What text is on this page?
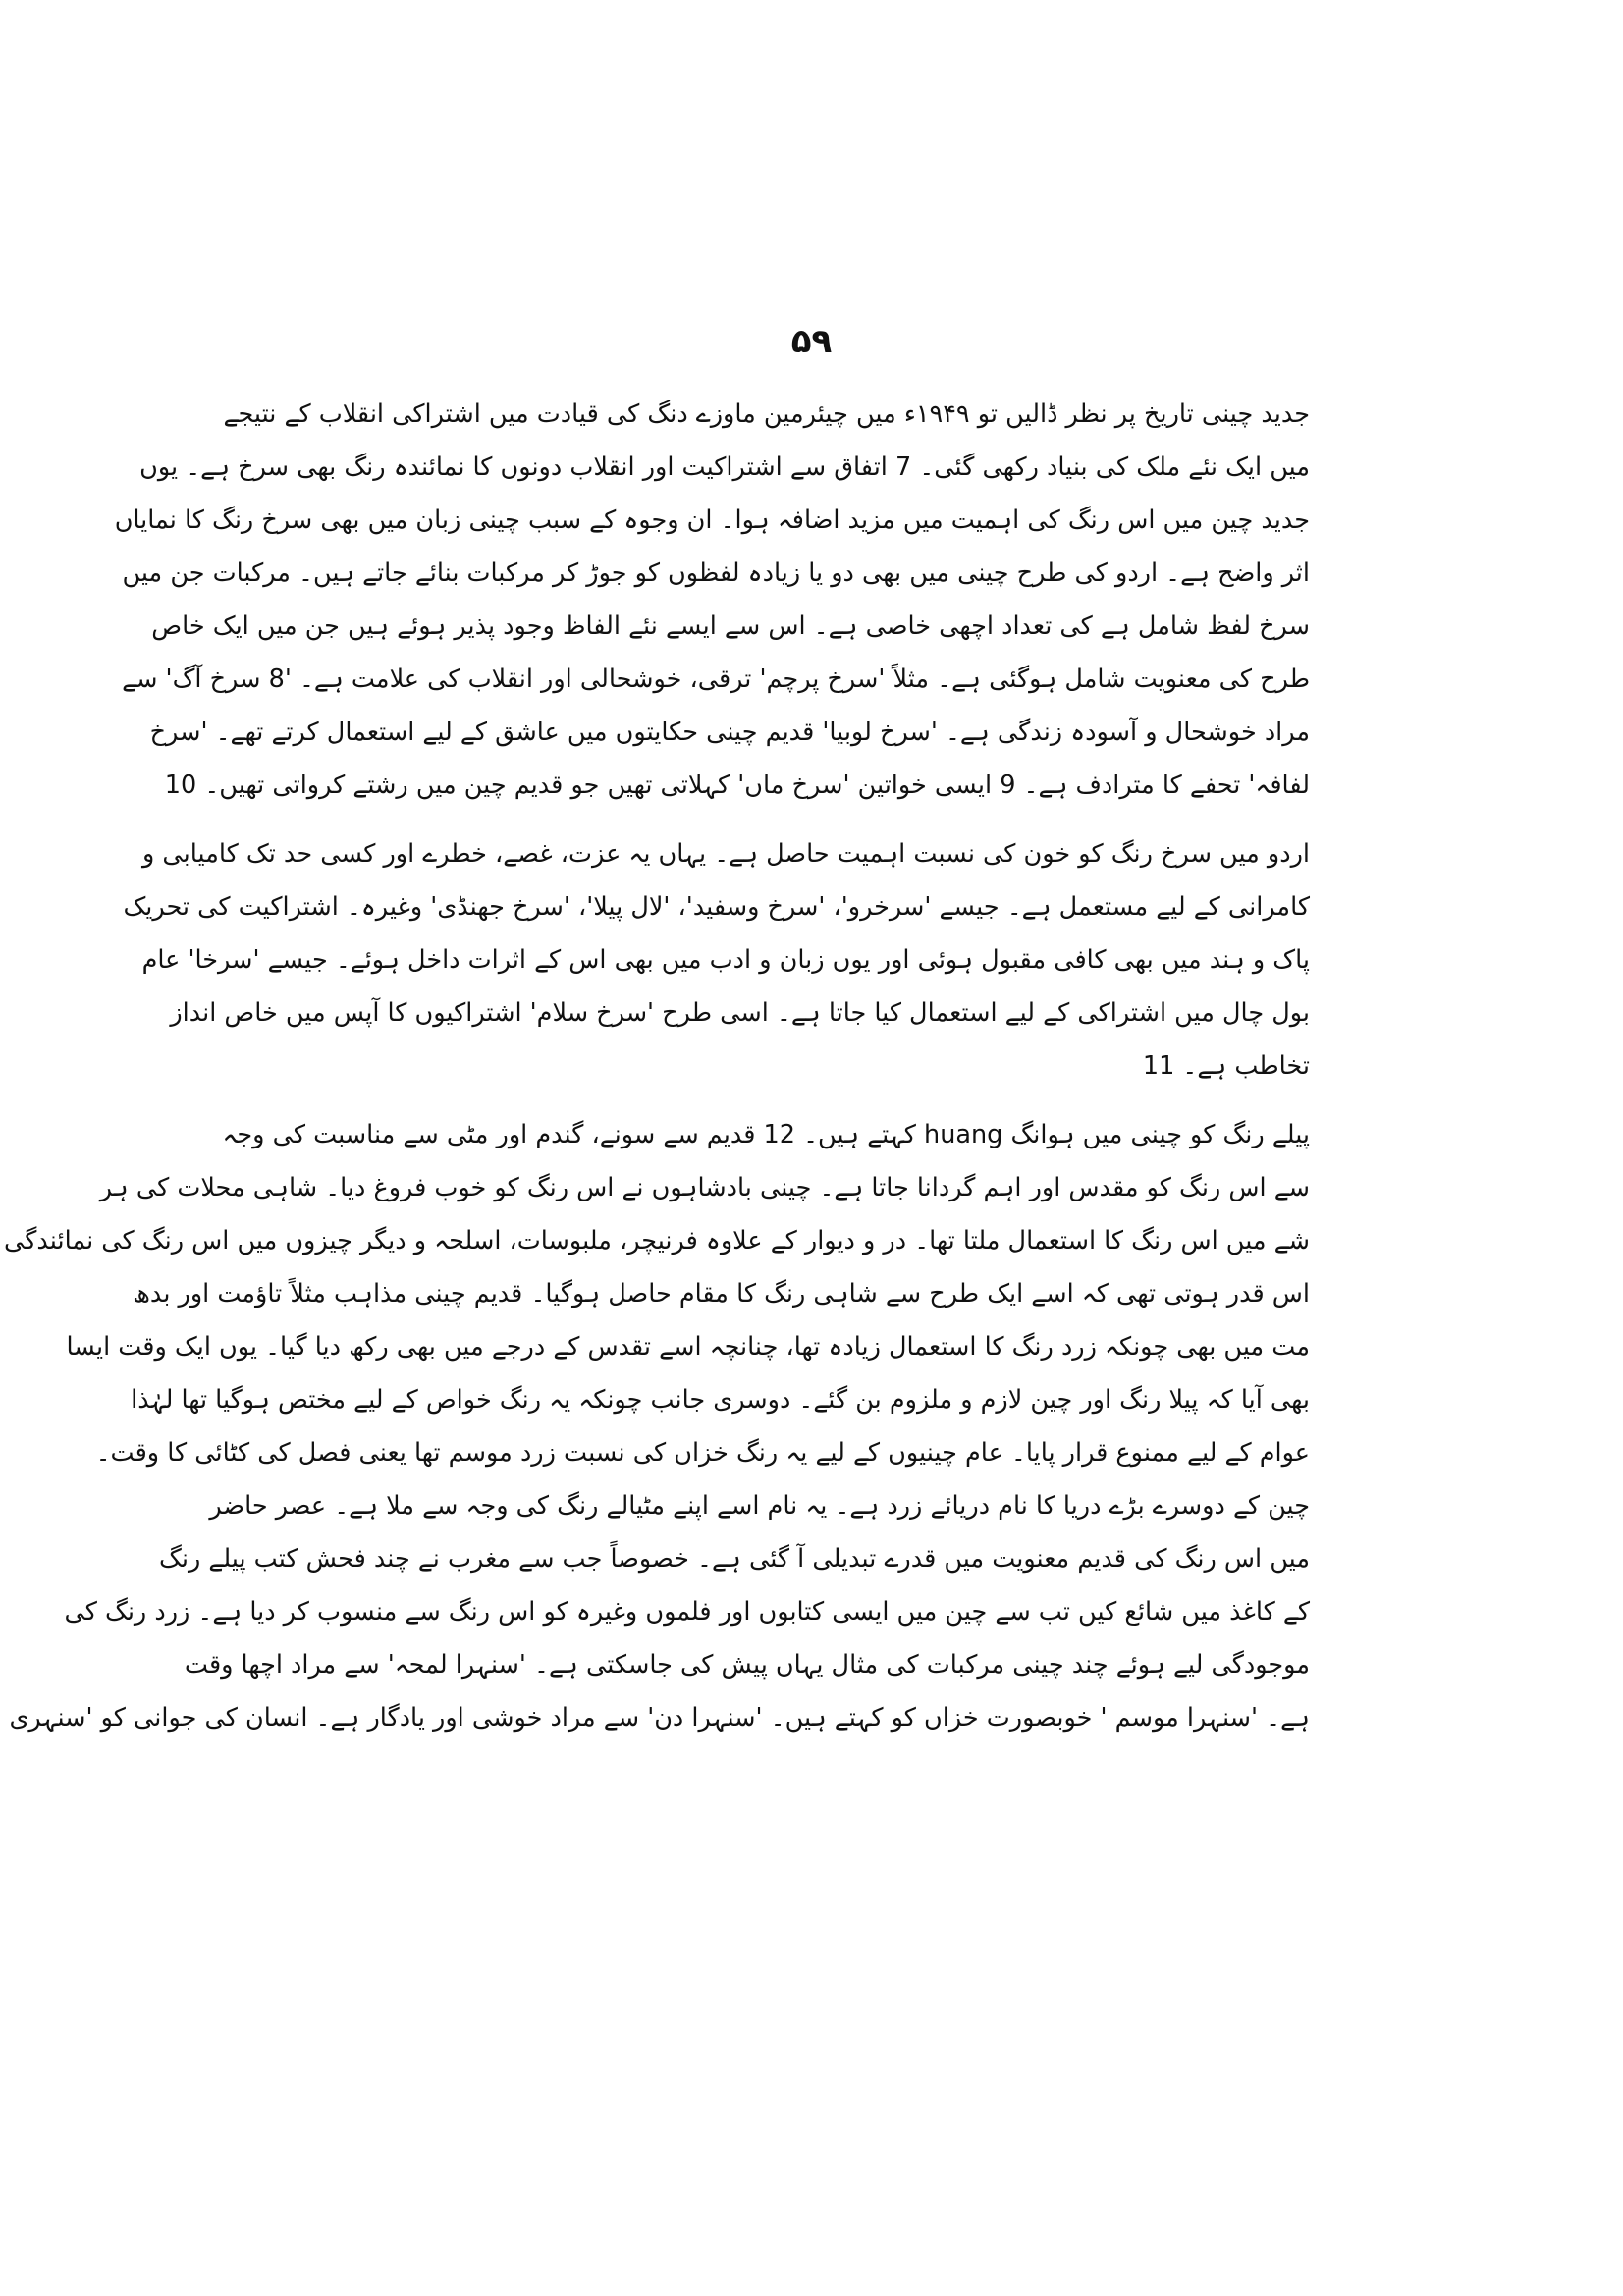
۵۹
جدید چینی تاریخ پر نظر ڈالیں تو ۱۹۴۹ء میں چیئرمین ماوزے دنگ کی قیادت میں اشتراکی انقلاب کے نتیجے
میں ایک نئے ملک کی بنیاد رکھی گئی۔ 7 اتفاق سے اشتراکیت اور انقلاب دونوں کا نمائندہ رنگ بھی سرخ ہے۔ یوں
جدید چین میں اس رنگ کی اہمیت میں مزید اضافہ ہوا۔ ان وجوہ کے سبب چینی زبان میں بھی سرخ رنگ کا نمایاں
اثر واضح ہے۔ اردو کی طرح چینی میں بھی دو یا زیادہ لفظوں کو جوڑ کر مرکبات بنائے جاتے ہیں۔ مرکبات جن میں
سرخ لفظ شامل ہے کی تعداد اچھی خاصی ہے۔ اس سے ایسے نئے الفاظ وجود پذیر ہوئے ہیں جن میں ایک خاص
طرح کی معنویت شامل ہوگئی ہے۔ مثلاً 'سرخ پرچم' ترقی، خوشحالی اور انقلاب کی علامت ہے۔ '8 سرخ آگ' سے
مراد خوشحال و آسودہ زندگی ہے۔ 'سرخ لوبیا' قدیم چینی حکایتوں میں عاشق کے لیے استعمال کرتے تھے۔ 'سرخ
لفافہ' تحفے کا مترادف ہے۔ 9 ایسی خواتین 'سرخ ماں' کہلاتی تھیں جو قدیم چین میں رشتے کرواتی تھیں۔ 10
اردو میں سرخ رنگ کو خون کی نسبت اہمیت حاصل ہے۔ یہاں یہ عزت، غصے، خطرے اور کسی حد تک کامیابی و
کامرانی کے لیے مستعمل ہے۔ جیسے 'سرخرو'، 'سرخ وسفید'، 'لال پیلا'، 'سرخ جھنڈی' وغیرہ۔ اشتراکیت کی تحریک
پاک و ہند میں بھی کافی مقبول ہوئی اور یوں زبان و ادب میں بھی اس کے اثرات داخل ہوئے۔ جیسے 'سرخا' عام
بول چال میں اشتراکی کے لیے استعمال کیا جاتا ہے۔ اسی طرح 'سرخ سلام' اشتراکیوں کا آپس میں خاص انداز
تخاطب ہے۔ 11
پیلے رنگ کو چینی میں ہوانگ huang کہتے ہیں۔ 12 قدیم سے سونے، گندم اور مٹی سے مناسبت کی وجہ
سے اس رنگ کو مقدس اور اہم گردانا جاتا ہے۔ چینی بادشاہوں نے اس رنگ کو خوب فروغ دیا۔ شاہی محلات کی ہر
شے میں اس رنگ کا استعمال ملتا تھا۔ در و دیوار کے علاوہ فرنیچر، ملبوسات، اسلحہ و دیگر چیزوں میں اس رنگ کی نمائندگی
اس قدر ہوتی تھی کہ اسے ایک طرح سے شاہی رنگ کا مقام حاصل ہوگیا۔ قدیم چینی مذاہب مثلاً تاؤمت اور بدھ
مت میں بھی چونکہ زرد رنگ کا استعمال زیادہ تھا، چنانچہ اسے تقدس کے درجے میں بھی رکھ دیا گیا۔ یوں ایک وقت ایسا
بھی آیا کہ پیلا رنگ اور چین لازم و ملزوم بن گئے۔ دوسری جانب چونکہ یہ رنگ خواص کے لیے مختص ہوگیا تھا لہٰذا
عوام کے لیے ممنوع قرار پایا۔ عام چینیوں کے لیے یہ رنگ خزاں کی نسبت زرد موسم تھا یعنی فصل کی کٹائی کا وقت۔
چین کے دوسرے بڑے دریا کا نام دریائے زرد ہے۔ یہ نام اسے اپنے مٹیالے رنگ کی وجہ سے ملا ہے۔ عصر حاضر
میں اس رنگ کی قدیم معنویت میں قدرے تبدیلی آ گئی ہے۔ خصوصاً جب سے مغرب نے چند فحش کتب پیلے رنگ
کے کاغذ میں شائع کیں تب سے چین میں ایسی کتابوں اور فلموں وغیرہ کو اس رنگ سے منسوب کر دیا ہے۔ زرد رنگ کی
موجودگی لیے ہوئے چند چینی مرکبات کی مثال یہاں پیش کی جاسکتی ہے۔ 'سنہرا لمحہ' سے مراد اچھا وقت
ہے۔ 'سنہرا موسم ' خوبصورت خزاں کو کہتے ہیں۔ 'سنہرا دن' سے مراد خوشی اور یادگار ہے۔ انسان کی جوانی کو 'سنہری
